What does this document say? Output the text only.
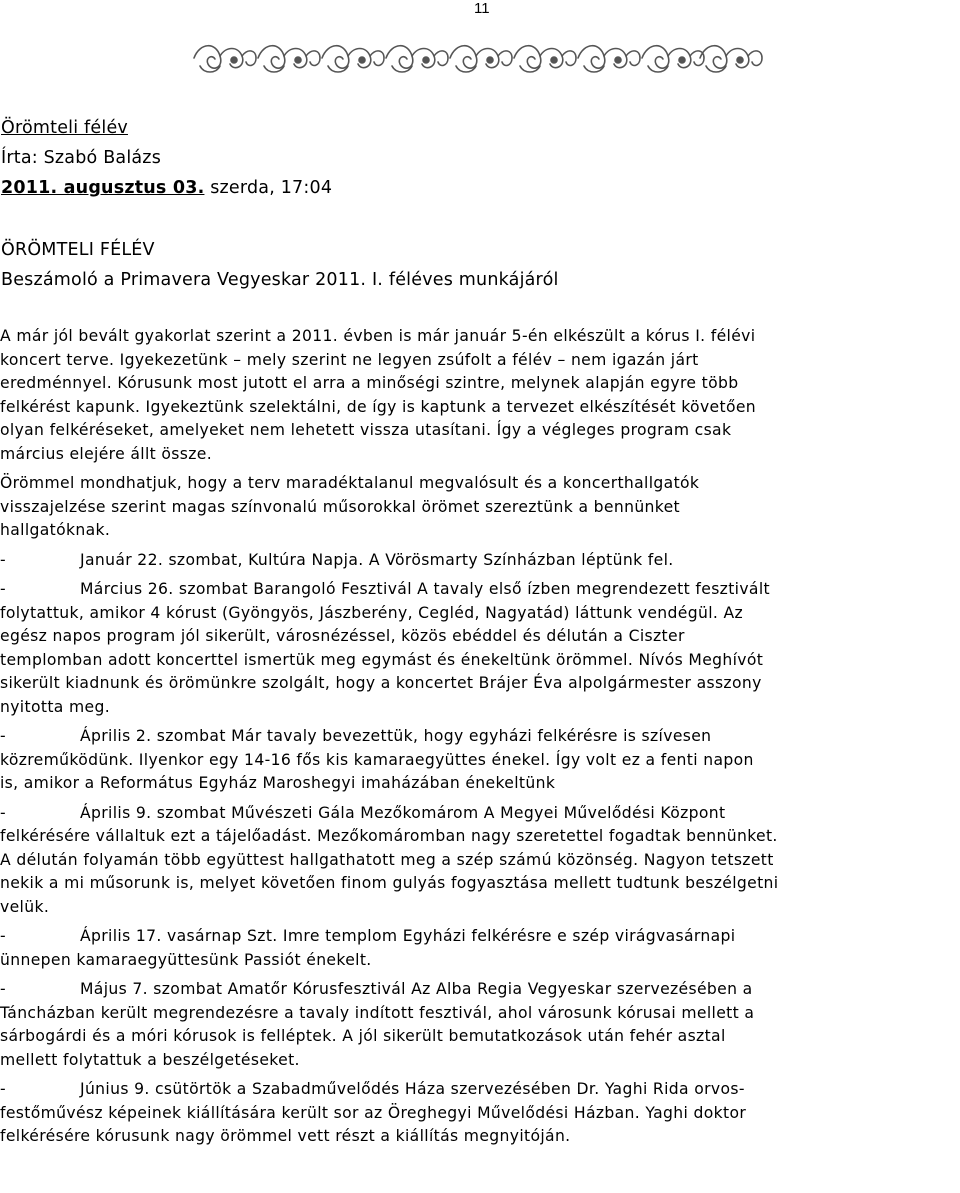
11
Örömteli félév
Írta: Szabó Balázs
2011. augusztus 03. szerda, 17:04
ÖRÖMTELI FÉLÉV
Beszámoló a Primavera Vegyeskar 2011. I. féléves munkájáról

A már jól bevált gyakorlat szerint a 2011. évben is már január 5-én elkészült a kórus I. félévi
koncert terve. Igyekezetünk – mely szerint ne legyen zsúfolt a félév – nem igazán járt
eredménnyel. Kórusunk most jutott el arra a minőségi szintre, melynek alapján egyre több
felkérést kapunk. Igyekeztünk szelektálni, de így is kaptunk a tervezet elkészítését követően
olyan felkéréseket, amelyeket nem lehetett vissza utasítani. Így a végleges program csak
március elejére állt össze.

Örömmel mondhatjuk, hogy a terv maradéktalanul megvalósult és a koncerthallgatók
visszajelzése szerint magas színvonalú műsorokkal örömet szereztünk a bennünket
hallgatóknak.

-	Január 22. szombat, Kultúra Napja. A Vörösmarty Színházban léptünk fel.

-	Március 26. szombat Barangoló Fesztivál A tavaly első ízben megrendezett fesztivált
folytattuk, amikor 4 kórust (Gyöngyös, Jászberény, Cegléd, Nagyatád) láttunk vendégül. Az
egész napos program jól sikerült, városnézéssel, közös ebéddel és délután a Ciszter
templomban adott koncerttel ismertük meg egymást és énekeltünk örömmel. Nívós Meghívót
sikerült kiadnunk és örömünkre szolgált, hogy a koncertet Brájer Éva alpolgármester asszony
nyitotta meg.

-	Április 2. szombat Már tavaly bevezettük, hogy egyházi felkérésre is szívesen
közreműködünk. Ilyenkor egy 14-16 fős kis kamaraegyüttes énekel. Így volt ez a fenti napon
is, amikor a Református Egyház Maroshegyi imaházában énekeltünk

-	Április 9. szombat Művészeti Gála Mezőkomárom A Megyei Művelődési Központ
felkérésére vállaltuk ezt a tájelőadást. Mezőkomáromban nagy szeretettel fogadtak bennünket.
A délután folyamán több együttest hallgathatott meg a szép számú közönség. Nagyon tetszett
nekik a mi műsorunk is, melyet követően finom gulyás fogyasztása mellett tudtunk beszélgetni
velük.

-	Április 17. vasárnap Szt. Imre templom Egyházi felkérésre e szép virágvasárnapi
ünnepen kamaraegyüttesünk Passiót énekelt.

-	Május 7. szombat Amatőr Kórusfesztivál Az Alba Regia Vegyeskar szervezésében a
Táncházban került megrendezésre a tavaly indított fesztivál, ahol városunk kórusai mellett a
sárbogárdi és a móri kórusok is felléptek. A jól sikerült bemutatkozások után fehér asztal
mellett folytattuk a beszélgetéseket.

-	Június 9. csütörtök a Szabadművelődés Háza szervezésében Dr. Yaghi Rida orvos-
festőművész képeinek kiállítására került sor az Öreghegyi Művelődési Házban. Yaghi doktor
felkérésére kórusunk nagy örömmel vett részt a kiállítás megnyitóján.
